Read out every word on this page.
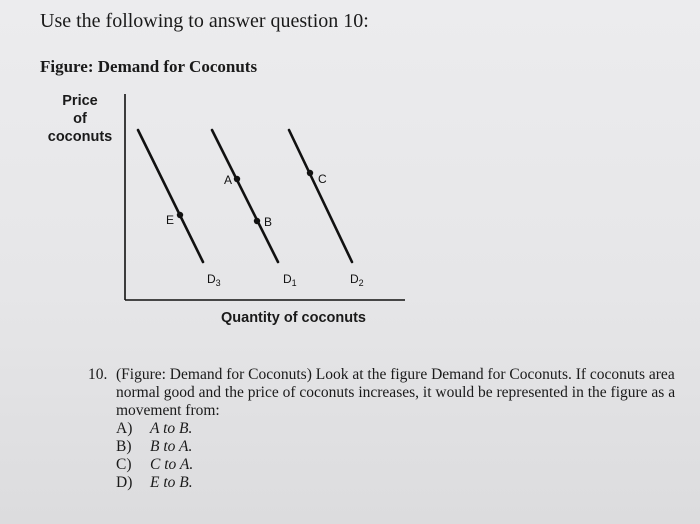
Use the following to answer question 10:
Figure: Demand for Coconuts
Price
of
coconuts
E
A
B
C
$D_3$	$D_1$	$D_2$
Quantity of coconuts
10. (Figure: Demand for Coconuts) Look at the figure Demand for Coconuts. If coconuts area normal good and the price of coconuts increases, it would be represented in the figure as a movement from:
A)	A to B.
B)	B to A.
C)	C to A.
D)	E to B.
